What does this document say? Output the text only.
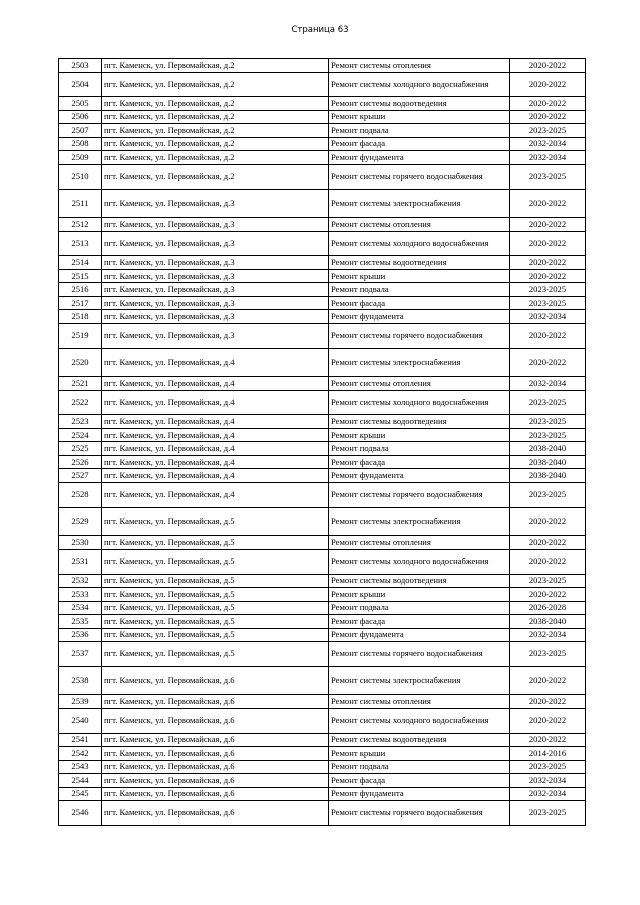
Страница 63
2503	пгт. Каменск, ул. Первомайская, д.2	Ремонт системы отопления	2020-2022
2504	пгт. Каменск, ул. Первомайская, д.2	Ремонт системы холодного водоснабжения	2020-2022
2505	пгт. Каменск, ул. Первомайская, д.2	Ремонт системы водоотведения	2020-2022
2506	пгт. Каменск, ул. Первомайская, д.2	Ремонт крыши	2020-2022
2507	пгт. Каменск, ул. Первомайская, д.2	Ремонт подвала	2023-2025
2508	пгт. Каменск, ул. Первомайская, д.2	Ремонт фасада	2032-2034
2509	пгт. Каменск, ул. Первомайская, д.2	Ремонт фундамента	2032-2034
2510	пгт. Каменск, ул. Первомайская, д.2	Ремонт системы горячего водоснабжения	2023-2025
2511	пгт. Каменск, ул. Первомайская, д.3	Ремонт системы электроснабжения	2020-2022
2512	пгт. Каменск, ул. Первомайская, д.3	Ремонт системы отопления	2020-2022
2513	пгт. Каменск, ул. Первомайская, д.3	Ремонт системы холодного водоснабжения	2020-2022
2514	пгт. Каменск, ул. Первомайская, д.3	Ремонт системы водоотведения	2020-2022
2515	пгт. Каменск, ул. Первомайская, д.3	Ремонт крыши	2020-2022
2516	пгт. Каменск, ул. Первомайская, д.3	Ремонт подвала	2023-2025
2517	пгт. Каменск, ул. Первомайская, д.3	Ремонт фасада	2023-2025
2518	пгт. Каменск, ул. Первомайская, д.3	Ремонт фундамента	2032-2034
2519	пгт. Каменск, ул. Первомайская, д.3	Ремонт системы горячего водоснабжения	2020-2022
2520	пгт. Каменск, ул. Первомайская, д.4	Ремонт системы электроснабжения	2020-2022
2521	пгт. Каменск, ул. Первомайская, д.4	Ремонт системы отопления	2032-2034
2522	пгт. Каменск, ул. Первомайская, д.4	Ремонт системы холодного водоснабжения	2023-2025
2523	пгт. Каменск, ул. Первомайская, д.4	Ремонт системы водоотведения	2023-2025
2524	пгт. Каменск, ул. Первомайская, д.4	Ремонт крыши	2023-2025
2525	пгт. Каменск, ул. Первомайская, д.4	Ремонт подвала	2038-2040
2526	пгт. Каменск, ул. Первомайская, д.4	Ремонт фасада	2038-2040
2527	пгт. Каменск, ул. Первомайская, д.4	Ремонт фундамента	2038-2040
2528	пгт. Каменск, ул. Первомайская, д.4	Ремонт системы горячего водоснабжения	2023-2025
2529	пгт. Каменск, ул. Первомайская, д.5	Ремонт системы электроснабжения	2020-2022
2530	пгт. Каменск, ул. Первомайская, д.5	Ремонт системы отопления	2020-2022
2531	пгт. Каменск, ул. Первомайская, д.5	Ремонт системы холодного водоснабжения	2020-2022
2532	пгт. Каменск, ул. Первомайская, д.5	Ремонт системы водоотведения	2023-2025
2533	пгт. Каменск, ул. Первомайская, д.5	Ремонт крыши	2020-2022
2534	пгт. Каменск, ул. Первомайская, д.5	Ремонт подвала	2026-2028
2535	пгт. Каменск, ул. Первомайская, д.5	Ремонт фасада	2038-2040
2536	пгт. Каменск, ул. Первомайская, д.5	Ремонт фундамента	2032-2034
2537	пгт. Каменск, ул. Первомайская, д.5	Ремонт системы горячего водоснабжения	2023-2025
2538	пгт. Каменск, ул. Первомайская, д.6	Ремонт системы электроснабжения	2020-2022
2539	пгт. Каменск, ул. Первомайская, д.6	Ремонт системы отопления	2020-2022
2540	пгт. Каменск, ул. Первомайская, д.6	Ремонт системы холодного водоснабжения	2020-2022
2541	пгт. Каменск, ул. Первомайская, д.6	Ремонт системы водоотведения	2020-2022
2542	пгт. Каменск, ул. Первомайская, д.6	Ремонт крыши	2014-2016
2543	пгт. Каменск, ул. Первомайская, д.6	Ремонт подвала	2023-2025
2544	пгт. Каменск, ул. Первомайская, д.6	Ремонт фасада	2032-2034
2545	пгт. Каменск, ул. Первомайская, д.6	Ремонт фундамента	2032-2034
2546	пгт. Каменск, ул. Первомайская, д.6	Ремонт системы горячего водоснабжения	2023-2025
